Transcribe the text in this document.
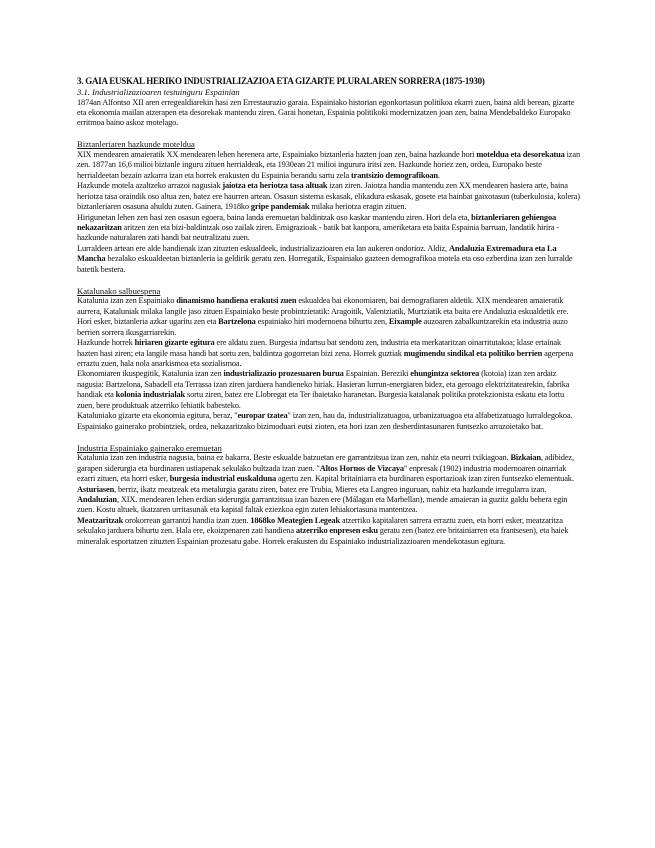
3. GAIA EUSKAL HERIKO INDUSTRIALIZAZIOA ETA GIZARTE PLURALAREN SORRERA (1875-1930)

3.1. Industrializazioaren testuinguru Espainian

1874an Alfontso XII aren erregealdiarekin hasi zen Errestaurazio garaia. Espainiako historian egonkortasun politikoa ekarri zuen, baina aldi berean, gizarte eta ekonomia mailan atzerapen eta desorekak mantendu ziren. Garai honetan, Espainia politikoki modernizatzen joan zen, baina Mendebaldeko Europako erritmoa baino askoz motelago.

Biztanleriaren hazkunde moteldua

XIX mendearen amaieratik XX mendearen lehen herenera arte, Espainiako biztanleria hazten joan zen, baina hazkunde hori moteldua eta desorekatua izan zen. 1877an 16,6 milioi biztanle inguru zituen herrialdeak, eta 1930ean 21 milioi ingurura iritsi zen. Hazkunde horiez zen, ordea, Europako beste herrialdeetan bezain azkarra izan eta horrek erakusten du Espainia berandu sartu zela trantsizio demografikoan.

Hazkunde motela azaltzeko arrazoi nagusiak jaiotza eta heriotza tasa altuak izan ziren. Jaiotza handia mantendu zen XX mendearen hasiera arte, baina heriotza tasa oraindik oso altua zen, batez ere haurren artean. Osasun sistema eskasak, elikadura eskasak, gosete eta hainbat gaixotasun (tuberkulosia, kolera) biztanleriaren osasuna ahuldu zuten. Gainera, 1918ko gripe pandemiak milaka heriotza eragin zituen.

Hirigunetan lehen zen hasi zen osasun egoera, baina landa eremuetan baldintzak oso kaskar mantendu ziren. Hori dela eta, biztanleriaren gehiengoa nekazaritzan aritzen zen eta bizi-baldintzak oso zailak ziren. Emigrazioak - batik bat kanpora, ameriketara eta baita Espainia barruan, landatik hirira - hazkunde naturalaren zati handi bat neutralizatu zuen.

Lurraldeen artean ere alde handienak izan zituzten eskualdeek, industrializazioaren eta lan aukeren ondorioz. Aldiz, Andaluzia Extremadura eta La Mancha bezalako eskualdeetan biztanleria ia geldirik geratu zen. Horregatik, Espainiako gazteen demografikoa motela eta oso ezberdina izan zen lurralde batetik bestera.

Katalunako salbuespena

Katalunia izan zen Espainiako dinamismo handiena erakutsi zuen eskualdea bai ekonomiaren, bai demografiaren aldetik. XIX mendearen amaieratik aurrera, Kataluniak milaka langile jaso zituen Espainiako beste probintzietatik: Aragoitik, Valentziatik, Murtziatik eta baita ere Andaluzia eskualdetik ere. Hori esker, biztanleria azkar ugaritu zen eta Bartzelona espainiako hiri modernoena bihurtu zen, Eixample auzoaren zabalkuntzarekin eta industria auzo berrien sorrera ikusgarriarekin.

Hazkunde horrek hiriaren gizarte egitura ere aldatu zuen. Burgesia indartsu bat sendotu zen, industria eta merkataritzan oinarritutakoa; klase ertainak hazten hasi ziren; eta langile masa handi bat sortu zen, baldintza gogorretan bizi zena. Horrek guztiak mugimendu sindikal eta politiko berrien agerpena erraztu zuen, hala nola anarkismoa eta sozialismoa.

Ekonomiaren ikuspegitik, Katalunia izan zen industrializazio prozesuaren burua Espainian. Bereziki ehungintza sektorea (kotoia) izan zen ardatz nagusia: Bartzelona, Sabadell eta Terrassa izan ziren jarduera handieneko hiriak. Hasieran lurrun-energiaren bidez, eta geroago elektrizitatearekin, fabrika handiak eta kolonia industrialak sortu ziren, batez ere Llobregat eta Ter ibaietako haranetan. Burgesia katalanak politika protekzionista eskatu eta lortu zuen, bere produktuak atzerriko lehiatik babesteko.

Kataluniako gizarte eta ekonomia egitura, beraz, "europar tzatea" izan zen, hau da, industrializatuagoa, urbanizatuagoa eta alfabetizatuago lurraldegokoa. Espainiako gainerako probintziek, ordea, nekazaritzako bizimoduari eutsi zioten, eta hori izan zen desberdintasunaren funtsezko arrazoietako bat.

Industria Espainiako gainerako eremuetan

Katalunia izan zen industria nagusia, baina ez bakarra. Beste eskualde batzuetan ere garrantzitsua izan zen, nahiz eta neurri txikiagoan. Bizkaian, adibidez, garapen siderurgia eta burdinaren ustiapenak sekulako bultzada izan zuen. "Altos Hornos de Vizcaya" enpresak (1902) industria modernoaren oinarriak ezarri zituen, eta horri esker, burgesia industrial euskalduna agertu zen. Kapital britainiarra eta burdinaren esportazioak izan ziren funtsezko elementuak.

Asturiasen, berriz, ikatz meatzeak eta metalurgia garatu ziren, batez ere Trubia, Mieres eta Langreo inguruan, nahiz eta hazkunde irregularra izan. Andaluzian, XIX. mendearen lehen erdian siderurgia garrantzitsua izan bazen ere (Málagan eta Marbellan), mende amaieran ia guztiz galdu behera egin zuen. Kostu altuek, ikatzaren urritasunak eta kapital faltak eziezkoa egin zuten lehiakortasuna mantentzea.

Meatzaritzak orokorrean garrantzi handia izan zuen. 1868ko Meategien Legeak atzerriko kapitalaren sarrera erraztu zuen, eta horri esker, meatzaritza sekulako jarduera bihurtu zen. Hala ere, ekoizpenaren zati handiena atzerriko enpresen esku geratu zen (batez ere britainiarren eta frantsesen), eta haiek mineralak esportatzen zituzten Espainian prozesatu gabe. Horrek erakusten du Espainiako industrializazioaren mendekotasun egitura.
